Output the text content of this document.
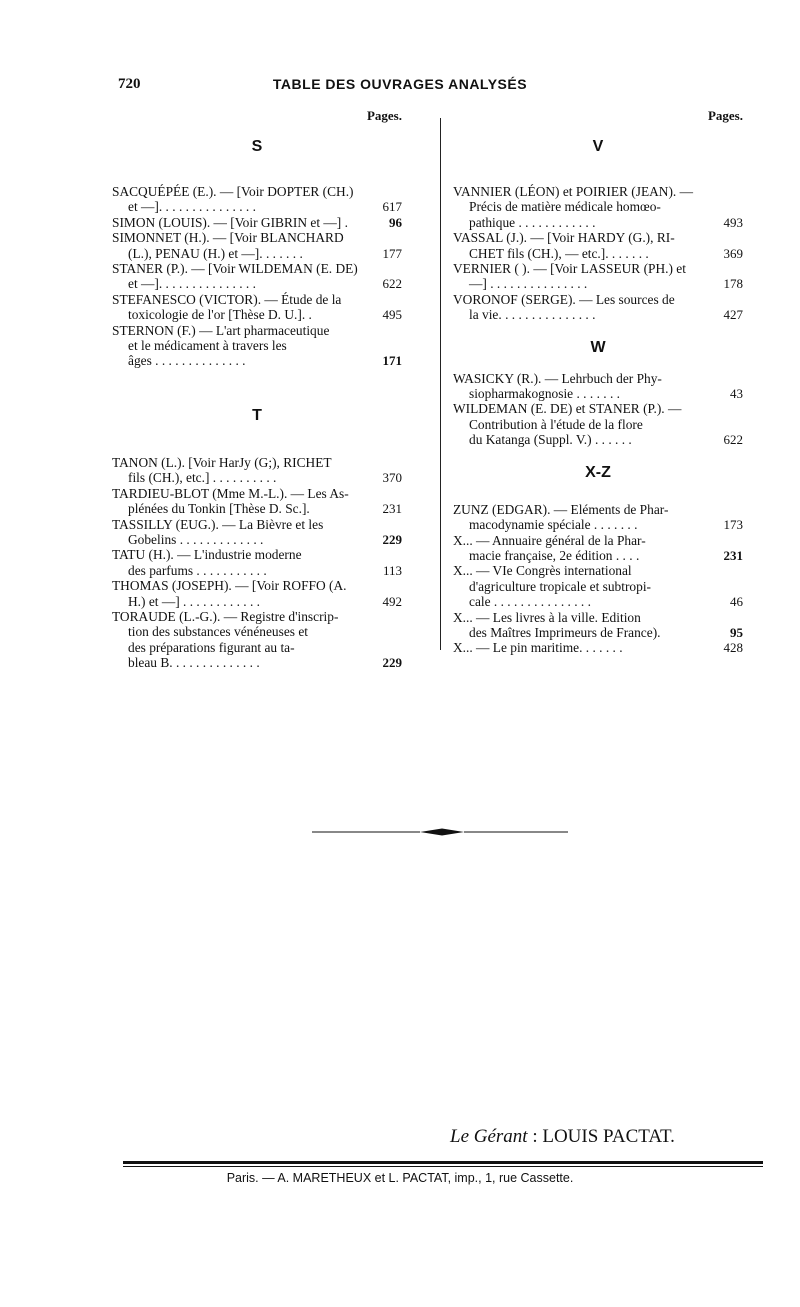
720	TABLE DES OUVRAGES ANALYSÉS
Pages.
S
SACQUÉPÉE (E.). — [Voir DOPTER (CH.)
et —]. . . . . . . . . . . . . . .	617
SIMON (LOUIS). — [Voir GIBRIN et —] .	96
SIMONNET (H.). — [Voir BLANCHARD
(L.), PENAU (H.) et —]. . . . . . .	177
STANER (P.). — [Voir WILDEMAN (E. DE)
et —]. . . . . . . . . . . . . . .	622
STEFANESCO (VICTOR). — Étude de la
toxicologie de l'or [Thèse D. U.]. .	495
STERNON (F.) — L'art pharmaceutique
et le médicament à travers les
âges . . . . . . . . . . . . . .	171
T
TANON (L.). [Voir HarJy (G;), RICHET
fils (CH.), etc.] . . . . . . . . . .	370
TARDIEU-BLOT (Mme M.-L.). — Les As-
plénées du Tonkin [Thèse D. Sc.].	231
TASSILLY (EUG.). — La Bièvre et les
Gobelins . . . . . . . . . . . . .	229
TATU (H.). — L'industrie moderne
des parfums . . . . . . . . . . .	113
THOMAS (JOSEPH). — [Voir ROFFO (A.
H.) et —] . . . . . . . . . . . .	492
TORAUDE (L.-G.). — Registre d'inscrip-
tion des substances vénéneuses et
des préparations figurant au ta-
bleau B. . . . . . . . . . . . . .	229
Pages.
V
VANNIER (LÉON) et POIRIER (JEAN). —
Précis de matière médicale homœo-
pathique . . . . . . . . . . . .	493
VASSAL (J.). — [Voir HARDY (G.), RI-
CHET fils (CH.), — etc.]. . . . . . .	369
VERNIER ( ). — [Voir LASSEUR (PH.) et
—] . . . . . . . . . . . . . . .	178
VORONOF (SERGE). — Les sources de
la vie. . . . . . . . . . . . . . .	427
W
WASICKY (R.). — Lehrbuch der Phy-
siopharmakognosie . . . . . . .	43
WILDEMAN (E. DE) et STANER (P.). —
Contribution à l'étude de la flore
du Katanga (Suppl. V.) . . . . . .	622
X-Z
ZUNZ (EDGAR). — Eléments de Phar-
macodynamie spéciale . . . . . . .	173
X... — Annuaire général de la Phar-
macie française, 2e édition . . . .	231
X... — VIe Congrès international
d'agriculture tropicale et subtropi-
cale . . . . . . . . . . . . . . .	46
X... — Les livres à la ville. Edition
des Maîtres Imprimeurs de France).	95
X... — Le pin maritime. . . . . . .	428
Le Gérant : LOUIS PACTAT.
Paris. — A. MARETHEUX et L. PACTAT, imp., 1, rue Cassette.
